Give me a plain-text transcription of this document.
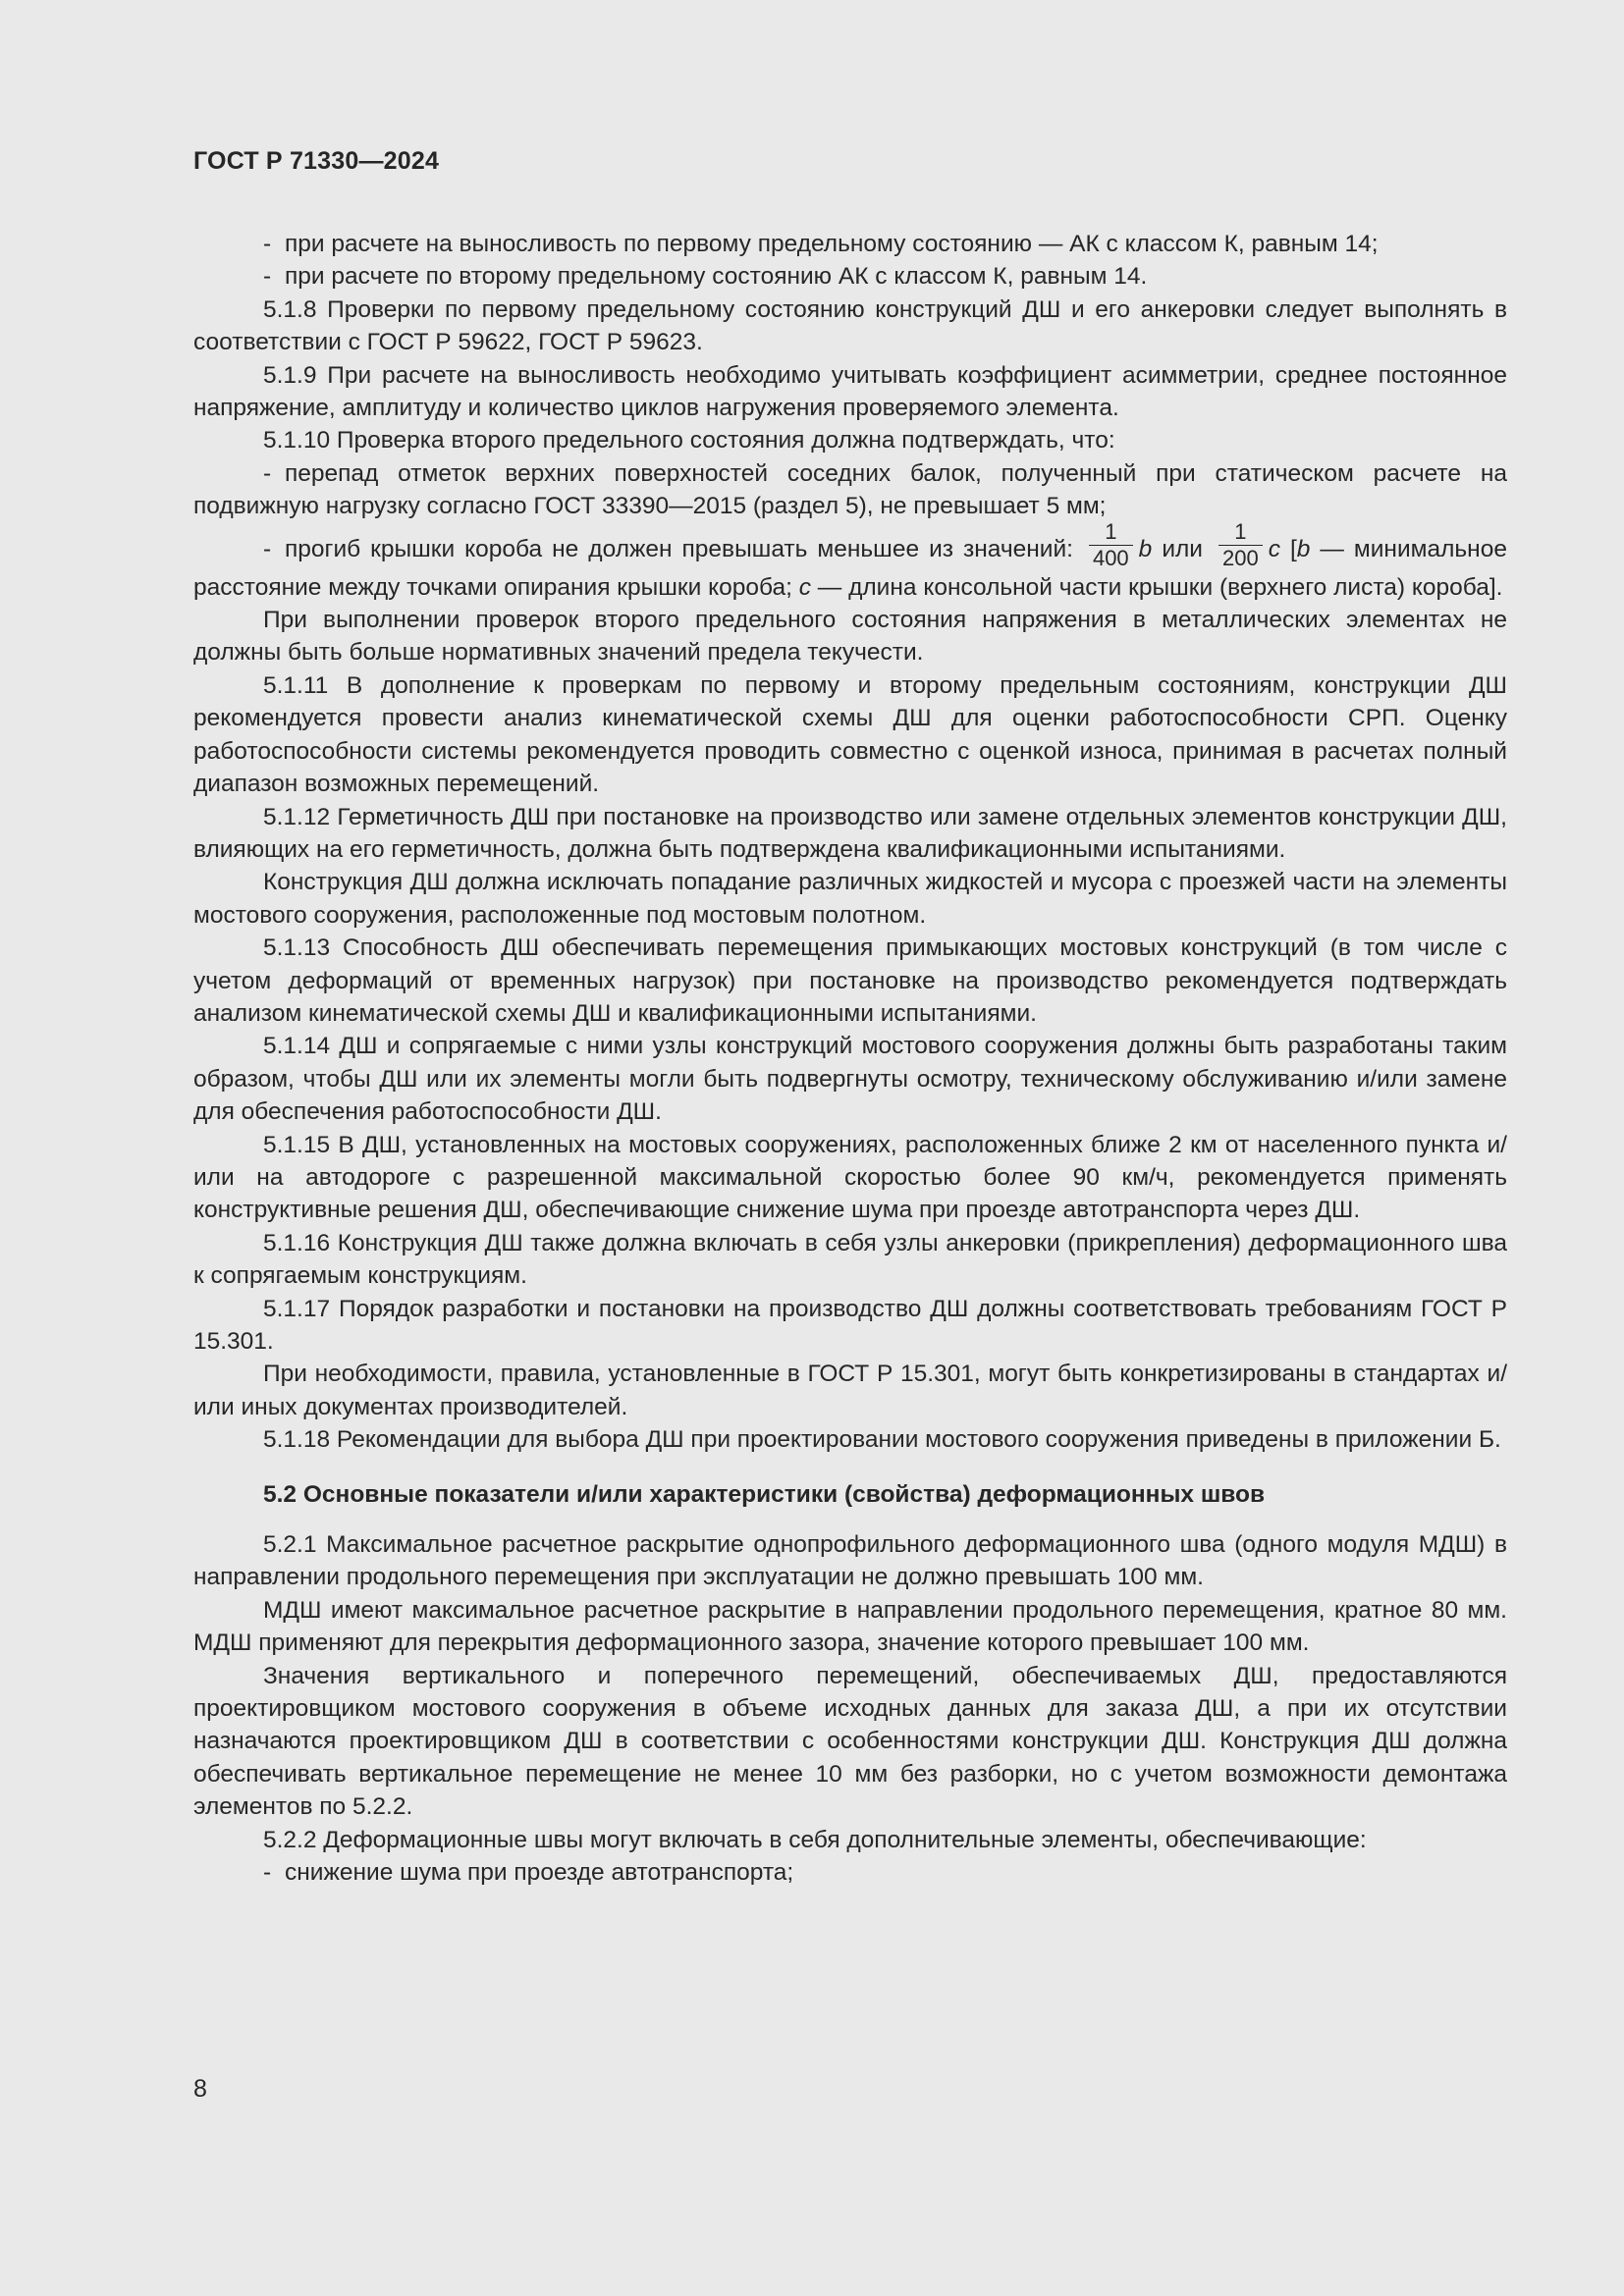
ГОСТ Р 71330—2024

- при расчете на выносливость по первому предельному состоянию — АК с классом К, равным 14;

- при расчете по второму предельному состоянию АК с классом К, равным 14.

5.1.8 Проверки по первому предельному состоянию конструкций ДШ и его анкеровки следует выполнять в соответствии с ГОСТ Р 59622, ГОСТ Р 59623.

5.1.9 При расчете на выносливость необходимо учитывать коэффициент асимметрии, среднее постоянное напряжение, амплитуду и количество циклов нагружения проверяемого элемента.

5.1.10 Проверка второго предельного состояния должна подтверждать, что:

- перепад отметок верхних поверхностей соседних балок, полученный при статическом расчете на подвижную нагрузку согласно ГОСТ 33390—2015 (раздел 5), не превышает 5 мм;

- прогиб крышки короба не должен превышать меньшее из значений: $\frac{1}{400}$ b или $\frac{1}{200}$ c [b — минимальное расстояние между точками опирания крышки короба; c — длина консольной части крышки (верхнего листа) короба].

При выполнении проверок второго предельного состояния напряжения в металлических элементах не должны быть больше нормативных значений предела текучести.

5.1.11 В дополнение к проверкам по первому и второму предельным состояниям, конструкции ДШ рекомендуется провести анализ кинематической схемы ДШ для оценки работоспособности СРП. Оценку работоспособности системы рекомендуется проводить совместно с оценкой износа, принимая в расчетах полный диапазон возможных перемещений.

5.1.12 Герметичность ДШ при постановке на производство или замене отдельных элементов конструкции ДШ, влияющих на его герметичность, должна быть подтверждена квалификационными испытаниями.

Конструкция ДШ должна исключать попадание различных жидкостей и мусора с проезжей части на элементы мостового сооружения, расположенные под мостовым полотном.

5.1.13 Способность ДШ обеспечивать перемещения примыкающих мостовых конструкций (в том числе с учетом деформаций от временных нагрузок) при постановке на производство рекомендуется подтверждать анализом кинематической схемы ДШ и квалификационными испытаниями.

5.1.14 ДШ и сопрягаемые с ними узлы конструкций мостового сооружения должны быть разработаны таким образом, чтобы ДШ или их элементы могли быть подвергнуты осмотру, техническому обслуживанию и/или замене для обеспечения работоспособности ДШ.

5.1.15 В ДШ, установленных на мостовых сооружениях, расположенных ближе 2 км от населенного пункта и/или на автодороге с разрешенной максимальной скоростью более 90 км/ч, рекомендуется применять конструктивные решения ДШ, обеспечивающие снижение шума при проезде автотранспорта через ДШ.

5.1.16 Конструкция ДШ также должна включать в себя узлы анкеровки (прикрепления) деформационного шва к сопрягаемым конструкциям.

5.1.17 Порядок разработки и постановки на производство ДШ должны соответствовать требованиям ГОСТ Р 15.301.

При необходимости, правила, установленные в ГОСТ Р 15.301, могут быть конкретизированы в стандартах и/или иных документах производителей.

5.1.18 Рекомендации для выбора ДШ при проектировании мостового сооружения приведены в приложении Б.

5.2 Основные показатели и/или характеристики (свойства) деформационных швов

5.2.1 Максимальное расчетное раскрытие однопрофильного деформационного шва (одного модуля МДШ) в направлении продольного перемещения при эксплуатации не должно превышать 100 мм.

МДШ имеют максимальное расчетное раскрытие в направлении продольного перемещения, кратное 80 мм. МДШ применяют для перекрытия деформационного зазора, значение которого превышает 100 мм.

Значения вертикального и поперечного перемещений, обеспечиваемых ДШ, предоставляются проектировщиком мостового сооружения в объеме исходных данных для заказа ДШ, а при их отсутствии назначаются проектировщиком ДШ в соответствии с особенностями конструкции ДШ. Конструкция ДШ должна обеспечивать вертикальное перемещение не менее 10 мм без разборки, но с учетом возможности демонтажа элементов по 5.2.2.

5.2.2 Деформационные швы могут включать в себя дополнительные элементы, обеспечивающие:

- снижение шума при проезде автотранспорта;

8
